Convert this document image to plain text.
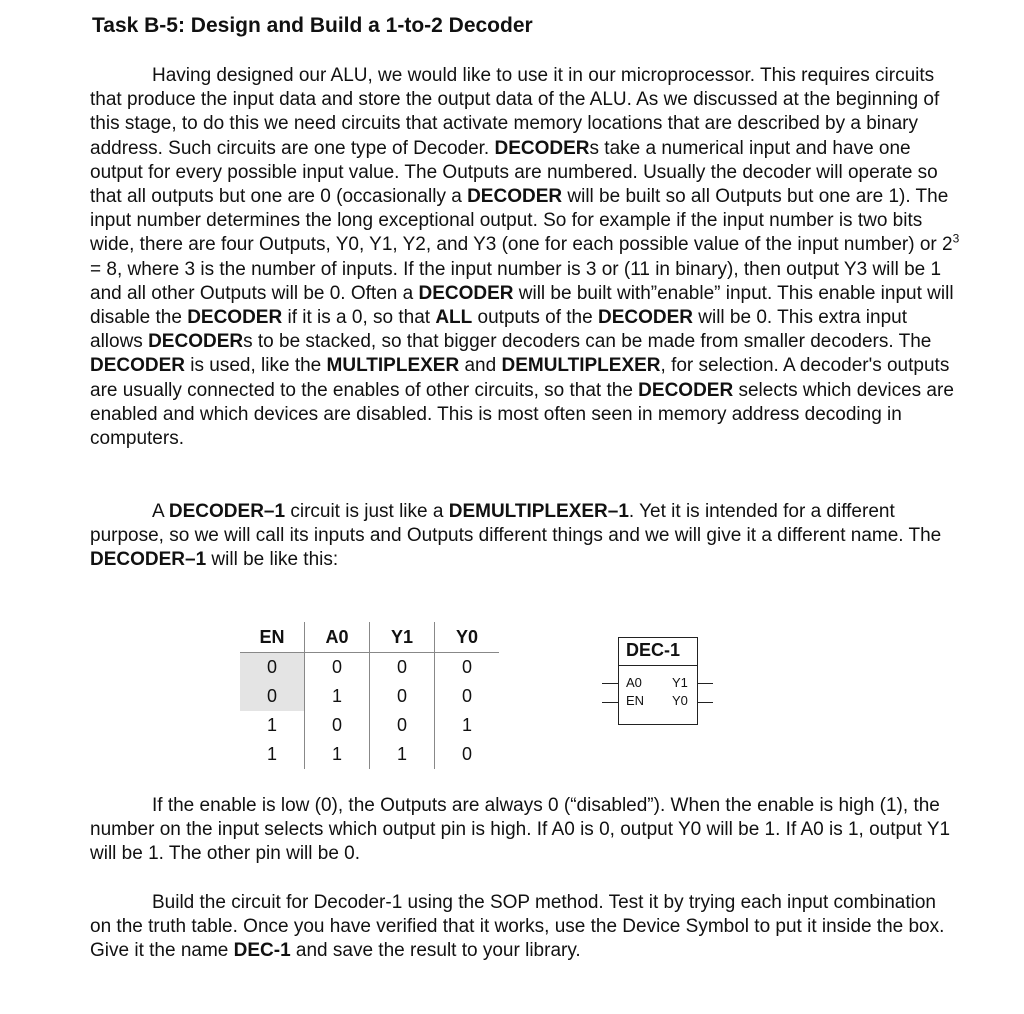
Task B-5: Design and Build a 1-to-2 Decoder

Having designed our ALU, we would like to use it in our microprocessor. This requires circuits that produce the input data and store the output data of the ALU. As we discussed at the beginning of this stage, to do this we need circuits that activate memory locations that are described by a binary address. Such circuits are one type of Decoder. DECODERs take a numerical input and have one output for every possible input value. The Outputs are numbered. Usually the decoder will operate so that all outputs but one are 0 (occasionally a DECODER will be built so all Outputs but one are 1). The input number determines the long exceptional output. So for example if the input number is two bits wide, there are four Outputs, Y0, Y1, Y2, and Y3 (one for each possible value of the input number) or $2^3 = 8$, where 3 is the number of inputs. If the input number is 3 or (11 in binary), then output Y3 will be 1 and all other Outputs will be 0. Often a DECODER will be built with”enable” input. This enable input will disable the DECODER if it is a 0, so that ALL outputs of the DECODER will be 0. This extra input allows DECODERs to be stacked, so that bigger decoders can be made from smaller decoders. The DECODER is used, like the MULTIPLEXER and DEMULTIPLEXER, for selection. A decoder's outputs are usually connected to the enables of other circuits, so that the DECODER selects which devices are enabled and which devices are disabled. This is most often seen in memory address decoding in computers.

A DECODER–1 circuit is just like a DEMULTIPLEXER–1. Yet it is intended for a different purpose, so we will call its inputs and Outputs different things and we will give it a different name. The DECODER–1 will be like this:

EN	A0	Y1	Y0
0	0	0	0
0	1	0	0
1	0	0	1
1	1	1	0
DEC-1
A0
EN
Y1
Y0

If the enable is low (0), the Outputs are always 0 (“disabled”). When the enable is high (1), the number on the input selects which output pin is high. If A0 is 0, output Y0 will be 1. If A0 is 1, output Y1 will be 1. The other pin will be 0.

Build the circuit for Decoder-1 using the SOP method. Test it by trying each input combination on the truth table. Once you have verified that it works, use the Device Symbol to put it inside the box. Give it the name DEC-1 and save the result to your library.
